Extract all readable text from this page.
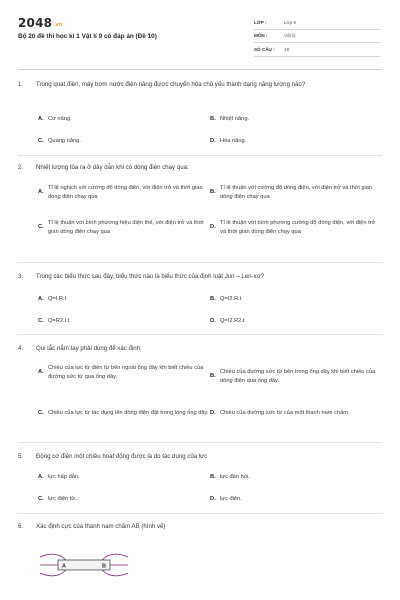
2048.vn
Bộ 20 đề thi học kì 1 Vật lí 9 có đáp án (Đề 10)
LỚP :	Lớp 9
MÔN :	Vật lý
SỐ CÂU :	19
1.	Trong quạt điện, máy bơm nước điện năng được chuyển hóa chủ yếu thành dạng năng lượng nào?
A. Cơ năng.	B. Nhiệt năng.
C. Quang năng.	D. Hóa năng.
2.	Nhiệt lượng tỏa ra ở dây dẫn khi có dòng điện chạy qua:
A.
Tỉ lệ nghịch với cường độ dòng điện, với điện trở và thời gian dòng điện chạy qua
B.
Tỉ lệ thuận với cường độ dòng điện, với điện trở và thời gian dòng điện chạy qua
C.
Tỉ lệ thuận với bình phương hiệu điện thế, với điện trở và thời gian dòng điện chạy qua
D.
Tỉ lệ thuận với bình phương cường độ dòng điện, với điện trở và thời gian dòng điện chạy qua
3.	Trong các biểu thức sau đây, biểu thức nào là biểu thức của định luật Jun – Len-xơ?
A. Q=I.R.t	B. Q=I2.R.t
C. Q=R2.I.t	D. Q=I2.R2.t
4.	Qui tắc nắm tay phải dùng để xác định:
A.
Chiều của lực từ điện từ bên ngoài ống dây khi biết chiều của đường sức từ qua ống dây.	B.
Chiều của đường sức từ bên trong ống dây khi biết chiều của dòng điện qua ống dây.
C. Chiều của lực từ tác dụng lên dòng điện đặt trong lòng ống dây. D. Chiều của đường sức từ của một thanh nam châm.
5.	Động cơ điện một chiều hoạt động được là do tác dụng của lực
A. lực hấp dẫn.	B. lực đàn hồi.
C. lực điện từ.	D. lực điện.
6.	Xác định cực của thanh nam châm AB (hình vẽ)
A	B
